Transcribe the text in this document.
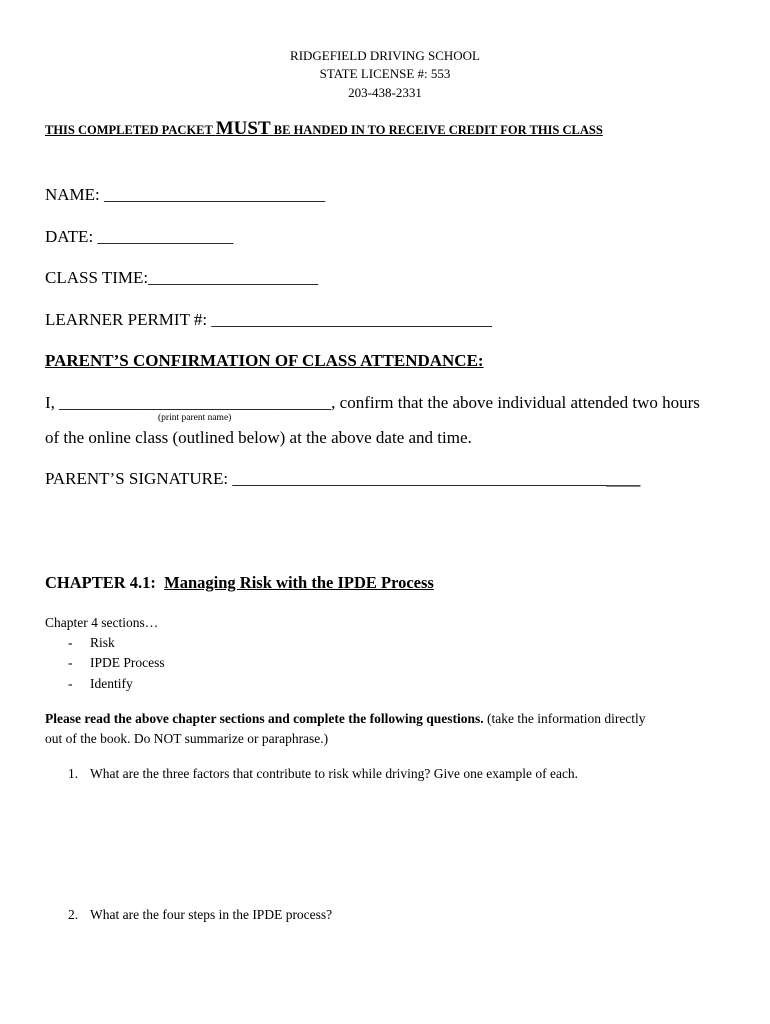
RIDGEFIELD DRIVING SCHOOL
STATE LICENSE #: 553
203-438-2331
THIS COMPLETED PACKET MUST BE HANDED IN TO RECEIVE CREDIT FOR THIS CLASS
NAME: __________________________
DATE: ________________
CLASS TIME:____________________
LEARNER PERMIT #: _________________________________
PARENT’S CONFIRMATION OF CLASS ATTENDANCE:
I, ________________________________, confirm that the above individual attended two hours
(print parent name)
of the online class (outlined below) at the above date and time.
PARENT’S SIGNATURE: ________________________________________________
CHAPTER 4.1: Managing Risk with the IPDE Process
Chapter 4 sections…
- Risk
- IPDE Process
- Identify
Please read the above chapter sections and complete the following questions. (take the information directly
out of the book. Do NOT summarize or paraphrase.)
1. What are the three factors that contribute to risk while driving? Give one example of each.
2. What are the four steps in the IPDE process?
